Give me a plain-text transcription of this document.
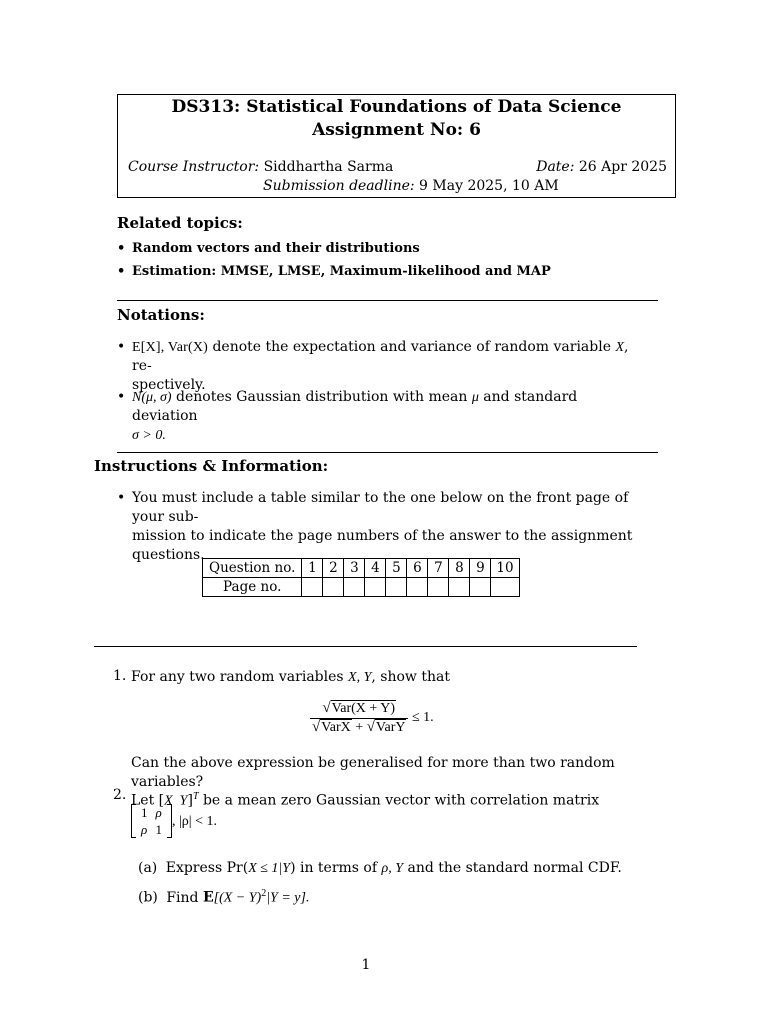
DS313: Statistical Foundations of Data Science
Assignment No: 6
Course Instructor: Siddhartha Sarma	Date: 26 Apr 2025
Submission deadline: 9 May 2025, 10 AM
Related topics:
• Random vectors and their distributions
• Estimation: MMSE, LMSE, Maximum-likelihood and MAP
Notations:
• E[X], Var(X) denote the expectation and variance of random variable X, re-
spectively.
• N(μ, σ) denotes Gaussian distribution with mean μ and standard deviation
σ > 0.
Instructions & Information:
• You must include a table similar to the one below on the front page of your sub-
mission to indicate the page numbers of the answer to the assignment questions.
Question no.	1	2	3	4	5	6	7	8	9	10
Page no.										
1. For any two random variables X, Y, show that
$\frac{\text{√Var(X + Y)}}{\text{√VarX + √VarY}} \le 1$.
Can the above expression be generalised for more than two random variables?
2. Let [X  Y]$^T$ be a mean zero Gaussian vector with correlation matrix
1	ρ
ρ	1
, |ρ| < 1.
(a) Express Pr(X ≤ 1|Y) in terms of ρ, Y and the standard normal CDF.
(b) Find $E[(X - Y)^2|Y = y]$.
1
